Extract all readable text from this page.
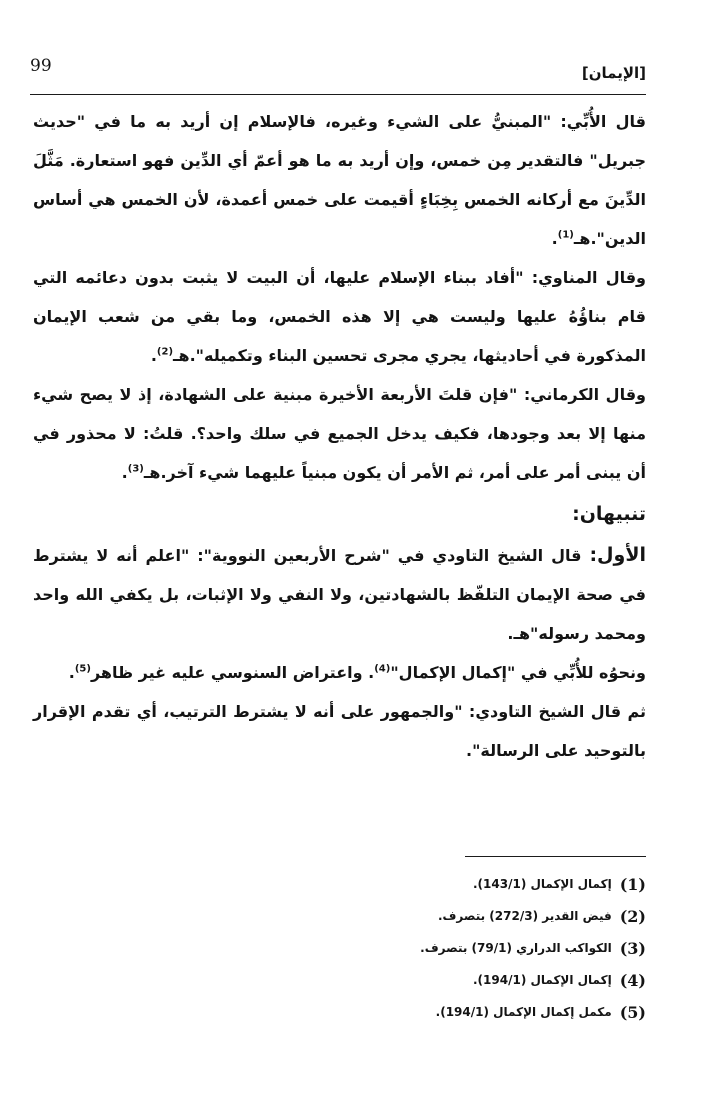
99	[الإيمان]

قال الأُبِّي: "المبنيُّ على الشيء وغيره، فالإسلام إن أريد به ما في "حديث جبريل" فالتقدير مِن خمس، وإن أريد به ما هو أعمّ أي الدِّين فهو استعارة. مَثَّلَ الدِّينَ مع أركانه الخمس بِخِبَاءٍ أقيمت على خمس أعمدة، لأن الخمس هي أساس الدين".هـ$^{(1)}$.

وقال المناوي: "أفاد ببناء الإسلام عليها، أن البيت لا يثبت بدون دعائمه التي قام بناؤُهُ عليها وليست هي إلا هذه الخمس، وما بقي من شعب الإيمان المذكورة في أحاديثها، يجري مجرى تحسين البناء وتكميله".هـ$^{(2)}$.

وقال الكرماني: "فإن قلتَ الأربعة الأخيرة مبنية على الشهادة، إذ لا يصح شيء منها إلا بعد وجودها، فكيف يدخل الجميع في سلك واحد؟. قلتُ: لا محذور في أن يبنى أمر على أمر، ثم الأمر أن يكون مبنياً عليهما شيء آخر.هـ$^{(3)}$.

تنبيهان:

الأول: قال الشيخ التاودي في "شرح الأربعين النووية": "اعلم أنه لا يشترط في صحة الإيمان التلفّظ بالشهادتين، ولا النفي ولا الإثبات، بل يكفي الله واحد ومحمد رسوله"هـ.

ونحوُه للأُبِّي في "إكمال الإكمال"$^{(4)}$. واعتراض السنوسي عليه غير ظاهر$^{(5)}$.

ثم قال الشيخ التاودي: "والجمهور على أنه لا يشترط الترتيب، أي تقدم الإقرار بالتوحيد على الرسالة".

(1)
إكمال الإكمال (143/1).
(2)
فيض القدير (272/3) بتصرف.
(3)
الكواكب الدراري (79/1) بتصرف.
(4)
إكمال الإكمال (194/1).
(5)
مكمل إكمال الإكمال (194/1).
